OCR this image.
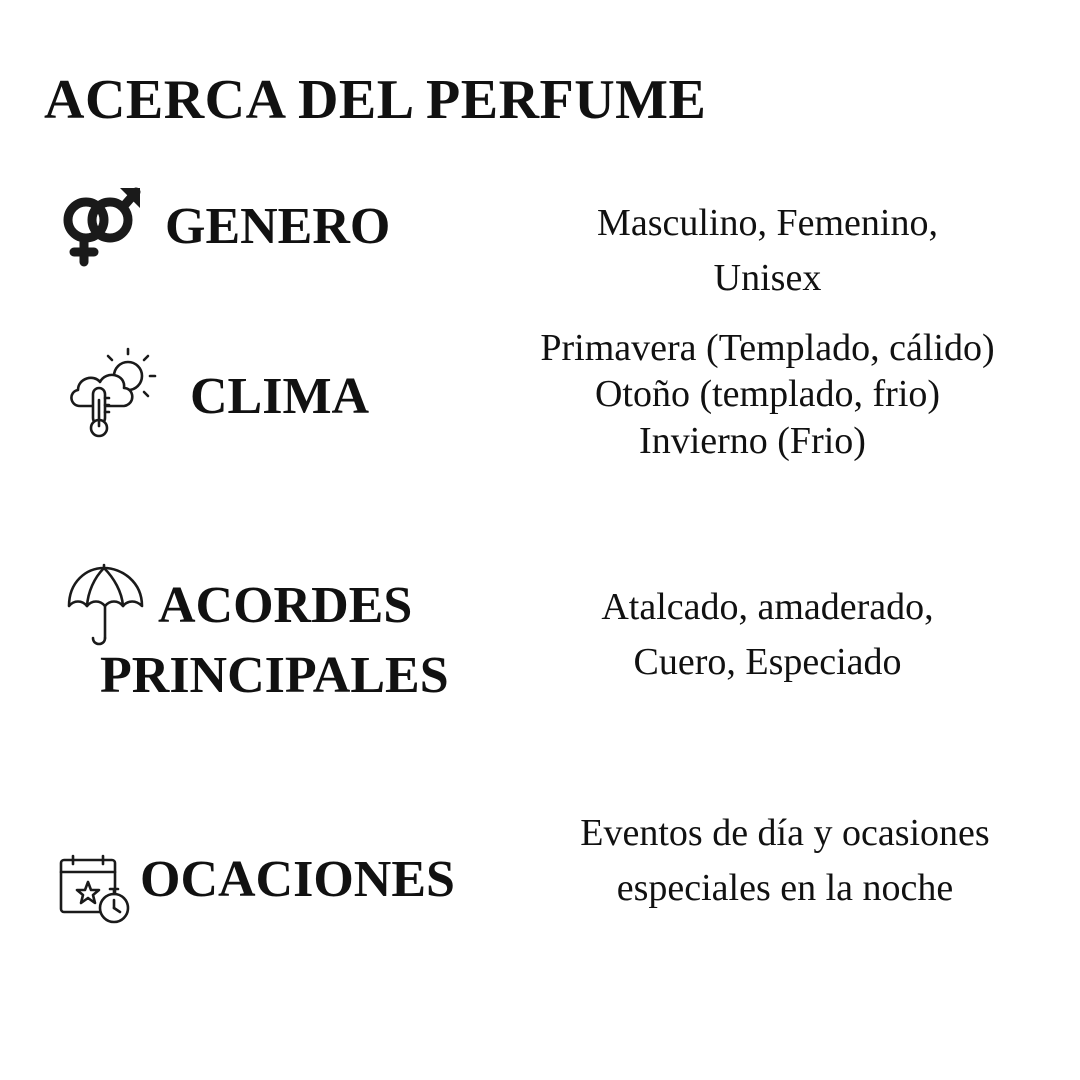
ACERCA DEL PERFUME
GENERO	Masculino, Femenino,
Unisex
CLIMA
Primavera (Templado, cálido)
Otoño (templado, frio)
Invierno (Frio)
ACORDES
PRINCIPALES
Atalcado, amaderado,
Cuero, Especiado
OCACIONES
Eventos de día y ocasiones
especiales en la noche
